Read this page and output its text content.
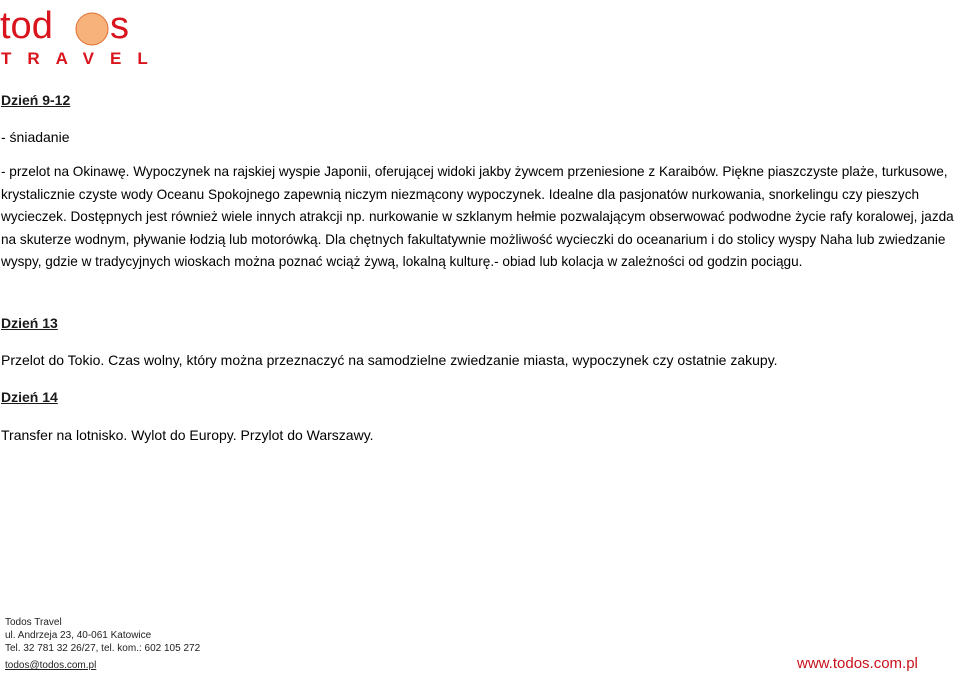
tod s
TRAVEL
Dzień 9-12
- śniadanie
- przelot na Okinawę. Wypoczynek na rajskiej wyspie Japonii, oferującej widoki jakby żywcem przeniesione z Karaibów. Piękne piaszczyste plaże, turkusowe, krystalicznie czyste wody Oceanu Spokojnego zapewnią niczym niezmącony wypoczynek. Idealne dla pasjonatów nurkowania, snorkelingu czy pieszych wycieczek. Dostępnych jest również wiele innych atrakcji np. nurkowanie w szklanym hełmie pozwalającym obserwować podwodne życie rafy koralowej, jazda na skuterze wodnym, pływanie łodzią lub motorówką. Dla chętnych fakultatywnie możliwość wycieczki do oceanarium i do stolicy wyspy Naha lub zwiedzanie wyspy, gdzie w tradycyjnych wioskach można poznać wciąż żywą, lokalną kulturę.- obiad lub kolacja w zależności od godzin pociągu.
Dzień 13
Przelot do Tokio. Czas wolny, który można przeznaczyć na samodzielne zwiedzanie miasta, wypoczynek czy ostatnie zakupy.
Dzień 14
Transfer na lotnisko. Wylot do Europy. Przylot do Warszawy.
Todos Travel
ul. Andrzeja 23, 40-061 Katowice
Tel. 32 781 32 26/27, tel. kom.: 602 105 272
todos@todos.com.pl	www.todos.com.pl
